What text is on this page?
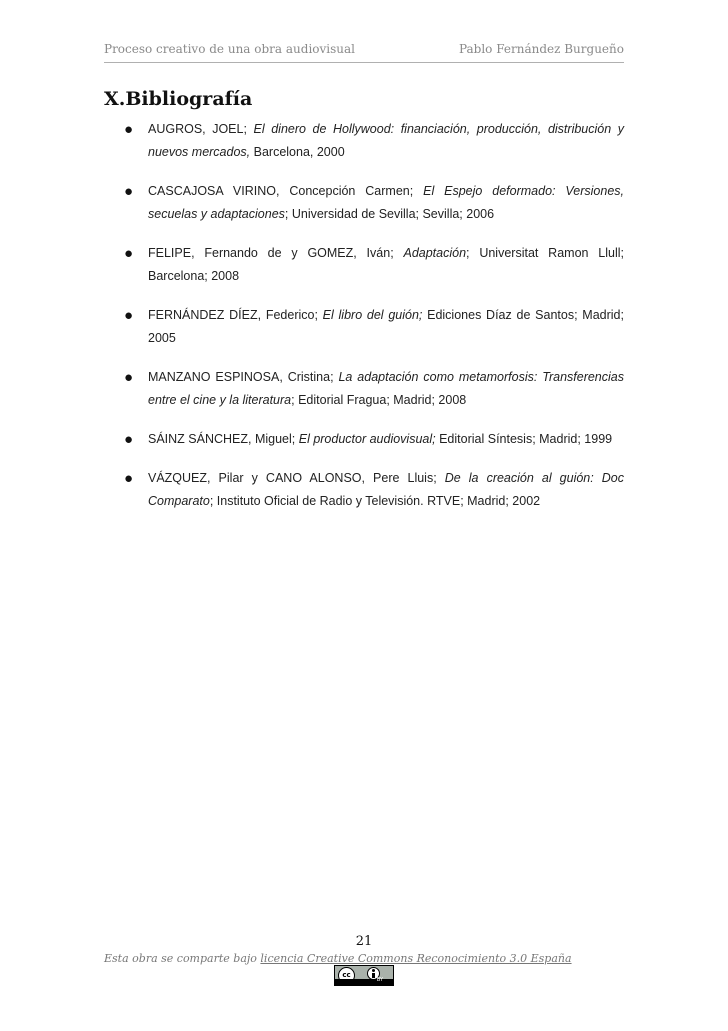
Proceso creativo de una obra audiovisual	Pablo Fernández Burgueño
X.Bibliografía
● AUGROS, JOEL; El dinero de Hollywood: financiación, producción, distribución y nuevos mercados, Barcelona, 2000
● CASCAJOSA VIRINO, Concepción Carmen; El Espejo deformado: Versiones, secuelas y adaptaciones; Universidad de Sevilla; Sevilla; 2006
● FELIPE, Fernando de y GOMEZ, Iván; Adaptación; Universitat Ramon Llull; Barcelona; 2008
● FERNÁNDEZ DÍEZ, Federico; El libro del guión; Ediciones Díaz de Santos; Madrid; 2005
● MANZANO ESPINOSA, Cristina; La adaptación como metamorfosis: Transferencias entre el cine y la literatura; Editorial Fragua; Madrid; 2008
● SÁINZ SÁNCHEZ, Miguel; El productor audiovisual; Editorial Síntesis; Madrid; 1999
● VÁZQUEZ, Pilar y CANO ALONSO, Pere Lluis; De la creación al guión: Doc Comparato; Instituto Oficial de Radio y Televisión. RTVE; Madrid; 2002
21
Esta obra se comparte bajo licencia Creative Commons Reconocimiento 3.0 España
cc
BY
